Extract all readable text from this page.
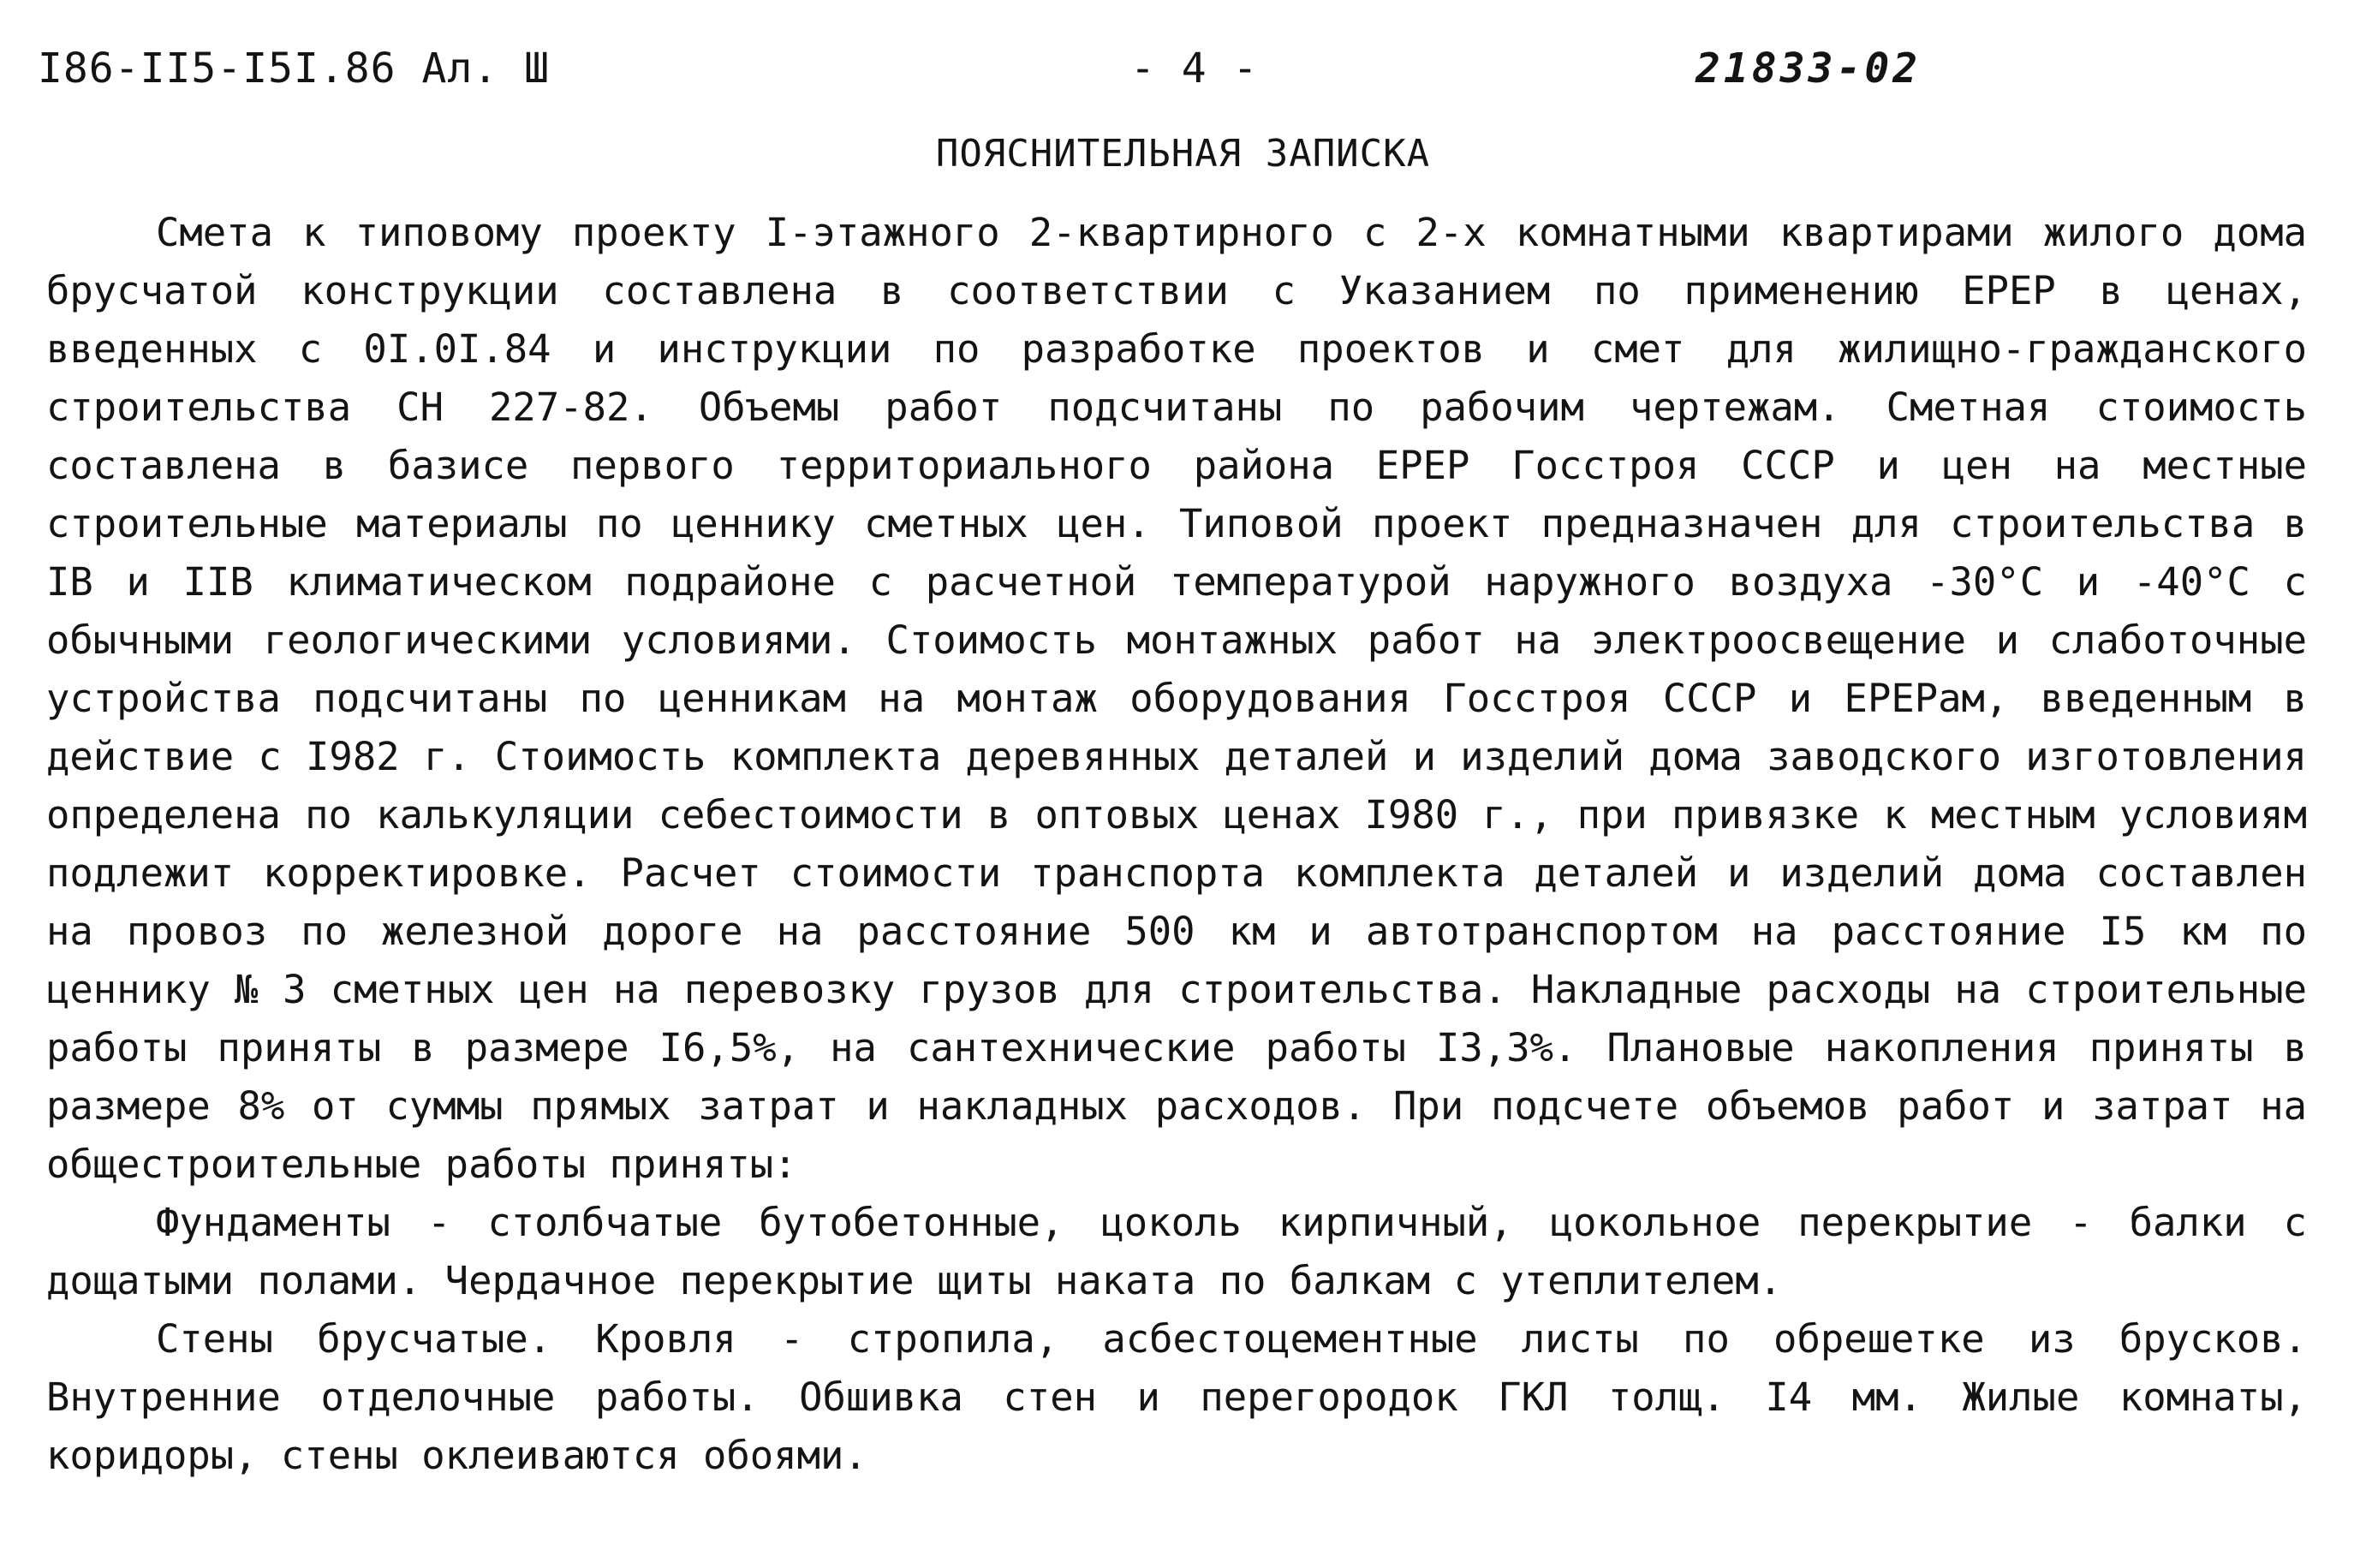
I86-II5-I5I.86 Ал. Ш	- 4 -	21833-02
ПОЯСНИТЕЛЬНАЯ ЗАПИСКА

Смета к типовому проекту I-этажного 2-квартирного с 2-х комнатными квартирами жилого дома брусчатой конструкции составлена в соответствии с Указанием по применению ЕРЕР в ценах, введенных с 0I.0I.84 и инструкции по разработке проектов и смет для жилищно-гражданского строительства СН 227-82. Объемы работ подсчитаны по рабочим чертежам. Сметная стоимость составлена в базисе первого территориального района ЕРЕР Госстроя СССР и цен на местные строительные материалы по ценнику сметных цен. Типовой проект предназначен для строительства в IВ и IIВ климатическом подрайоне с расчетной температурой наружного воздуха -30°С и -40°С с обычными геологическими условиями. Стоимость монтажных работ на электроосвещение и слаботочные устройства подсчитаны по ценникам на монтаж оборудования Госстроя СССР и ЕРЕРам, введенным в действие с I982 г. Стоимость комплекта деревянных деталей и изделий дома заводского изготовления определена по калькуляции себестоимости в оптовых ценах I980 г., при привязке к местным условиям подлежит корректировке. Расчет стоимости транспорта комплекта деталей и изделий дома составлен на провоз по железной дороге на расстояние 500 км и автотранспортом на расстояние I5 км по ценнику № 3 сметных цен на перевозку грузов для строительства. Накладные расходы на строительные работы приняты в размере I6,5%, на сантехнические работы I3,3%. Плановые накопления приняты в размере 8% от суммы прямых затрат и накладных расходов. При подсчете объемов работ и затрат на общестроительные работы приняты:

Фундаменты - столбчатые бутобетонные, цоколь кирпичный, цокольное перекрытие - балки с дощатыми полами. Чердачное перекрытие щиты наката по балкам с утеплителем.

Стены брусчатые. Кровля - стропила, асбестоцементные листы по обрешетке из брусков. Внутренние отделочные работы. Обшивка стен и перегородок ГКЛ толщ. I4 мм. Жилые комнаты, коридоры, стены оклеиваются обоями.
